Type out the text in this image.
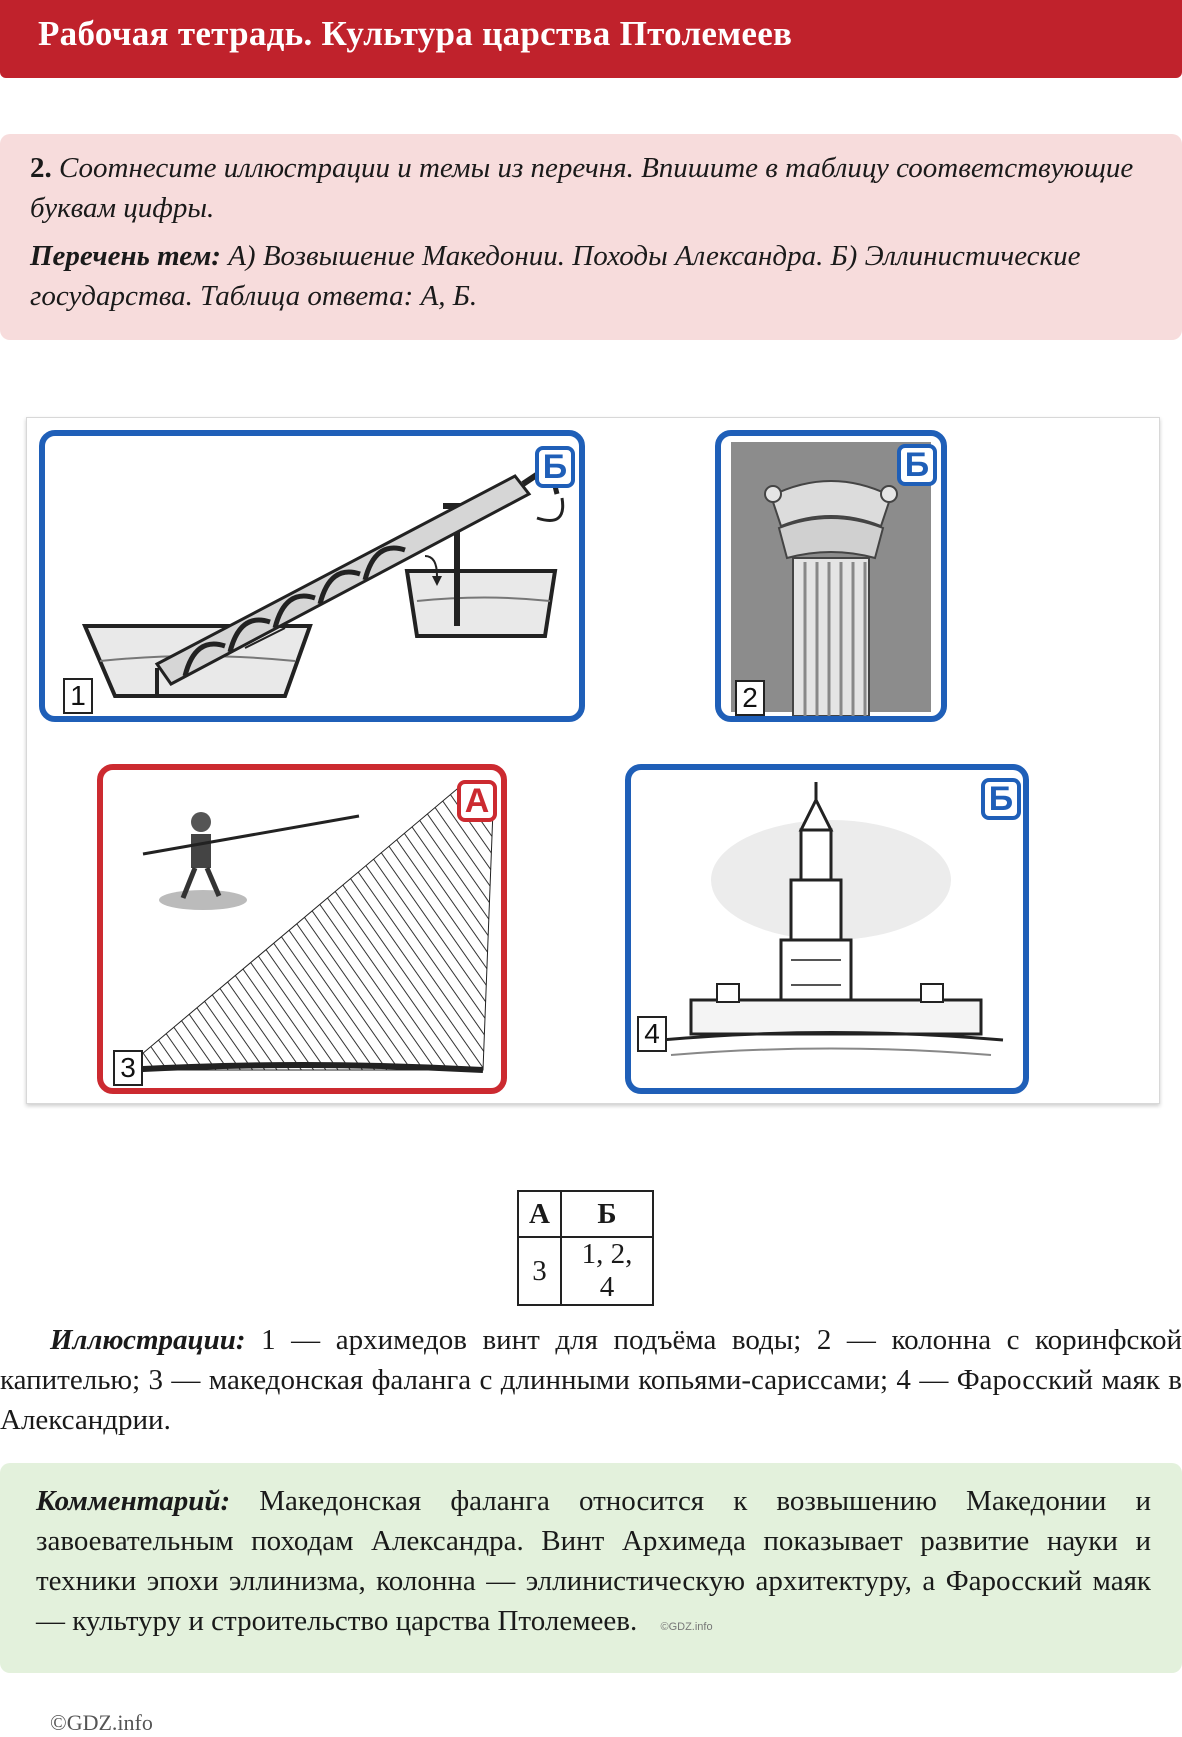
Рабочая тетрадь. Культура царства Птолемеев

2. Соотнесите иллюстрации и темы из перечня. Впишите в таблицу соответствующие буквам цифры.

Перечень тем: А) Возвышение Македонии. Походы Александра. Б) Эллинистические государства. Таблица ответа: А, Б.

1
Б
2
Б
3
А
4
Б
А	Б
3	1, 2, 4

Иллюстрации: 1 — архимедов винт для подъёма воды; 2 — колонна с коринфской капителью; 3 — македонская фаланга с длинными копьями-сариссами; 4 — Фаросский маяк в Александрии.

Комментарий: Македонская фаланга относится к возвышению Македонии и завоевательным походам Александра. Винт Архимеда показывает развитие науки и техники эпохи эллинизма, колонна — эллинистическую архитектуру, а Фаросский маяк — культуру и строительство царства Птолемеев. ©GDZ.info
©GDZ.info
